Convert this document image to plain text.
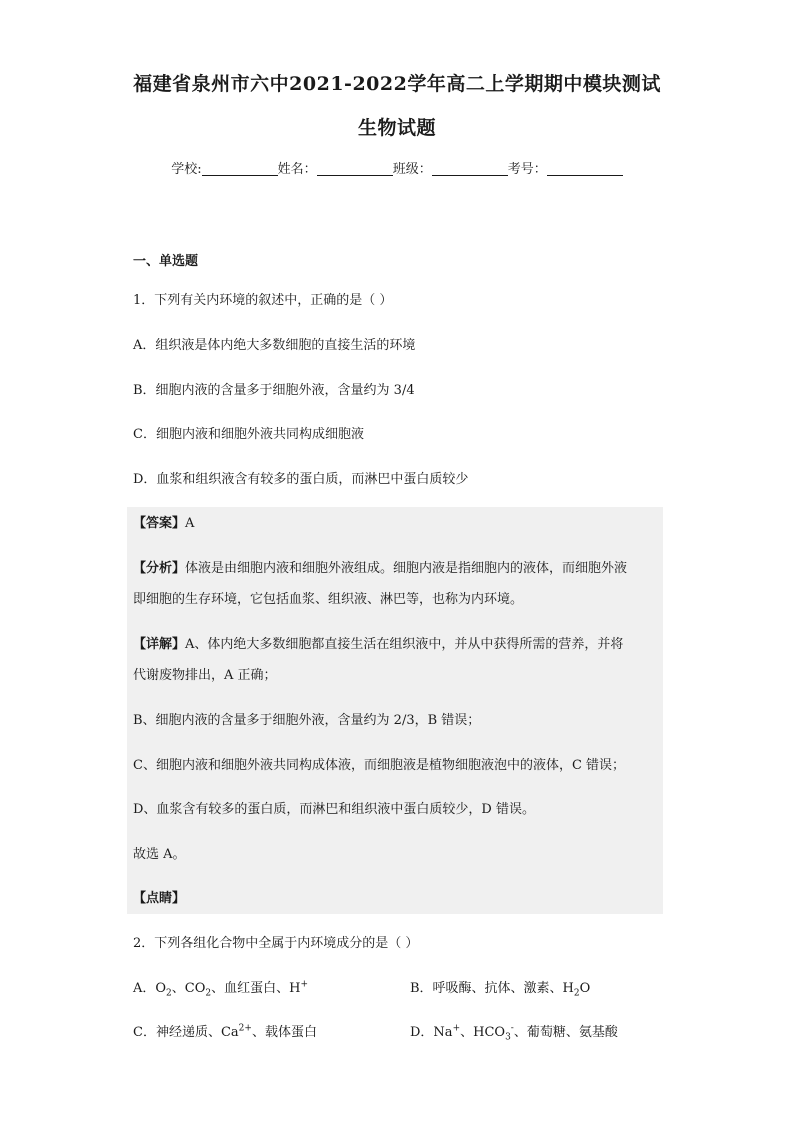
福建省泉州市六中2021-2022学年高二上学期期中模块测试
生物试题
学校:	姓名：	班级：	考号：
一、单选题
1．下列有关内环境的叙述中，正确的是（ ）
A．组织液是体内绝大多数细胞的直接生活的环境
B．细胞内液的含量多于细胞外液，含量约为 3/4
C．细胞内液和细胞外液共同构成细胞液
D．血浆和组织液含有较多的蛋白质，而淋巴中蛋白质较少
【答案】A
【分析】体液是由细胞内液和细胞外液组成。细胞内液是指细胞内的液体，而细胞外液
即细胞的生存环境，它包括血浆、组织液、淋巴等，也称为内环境。
【详解】A、体内绝大多数细胞都直接生活在组织液中，并从中获得所需的营养，并将
代谢废物排出，A 正确；
B、细胞内液的含量多于细胞外液，含量约为 2/3，B 错误；
C、细胞内液和细胞外液共同构成体液，而细胞液是植物细胞液泡中的液体，C 错误；
D、血浆含有较多的蛋白质，而淋巴和组织液中蛋白质较少，D 错误。
故选 A。
【点睛】
2．下列各组化合物中全属于内环境成分的是（ ）
A．$O_2$、$CO_2$、血红蛋白、H+	B．呼吸酶、抗体、激素、$H_2O$
C．神经递质、$Ca^{2+}$、载体蛋白	D．Na+、$HCO_3^-$、葡萄糖、氨基酸
